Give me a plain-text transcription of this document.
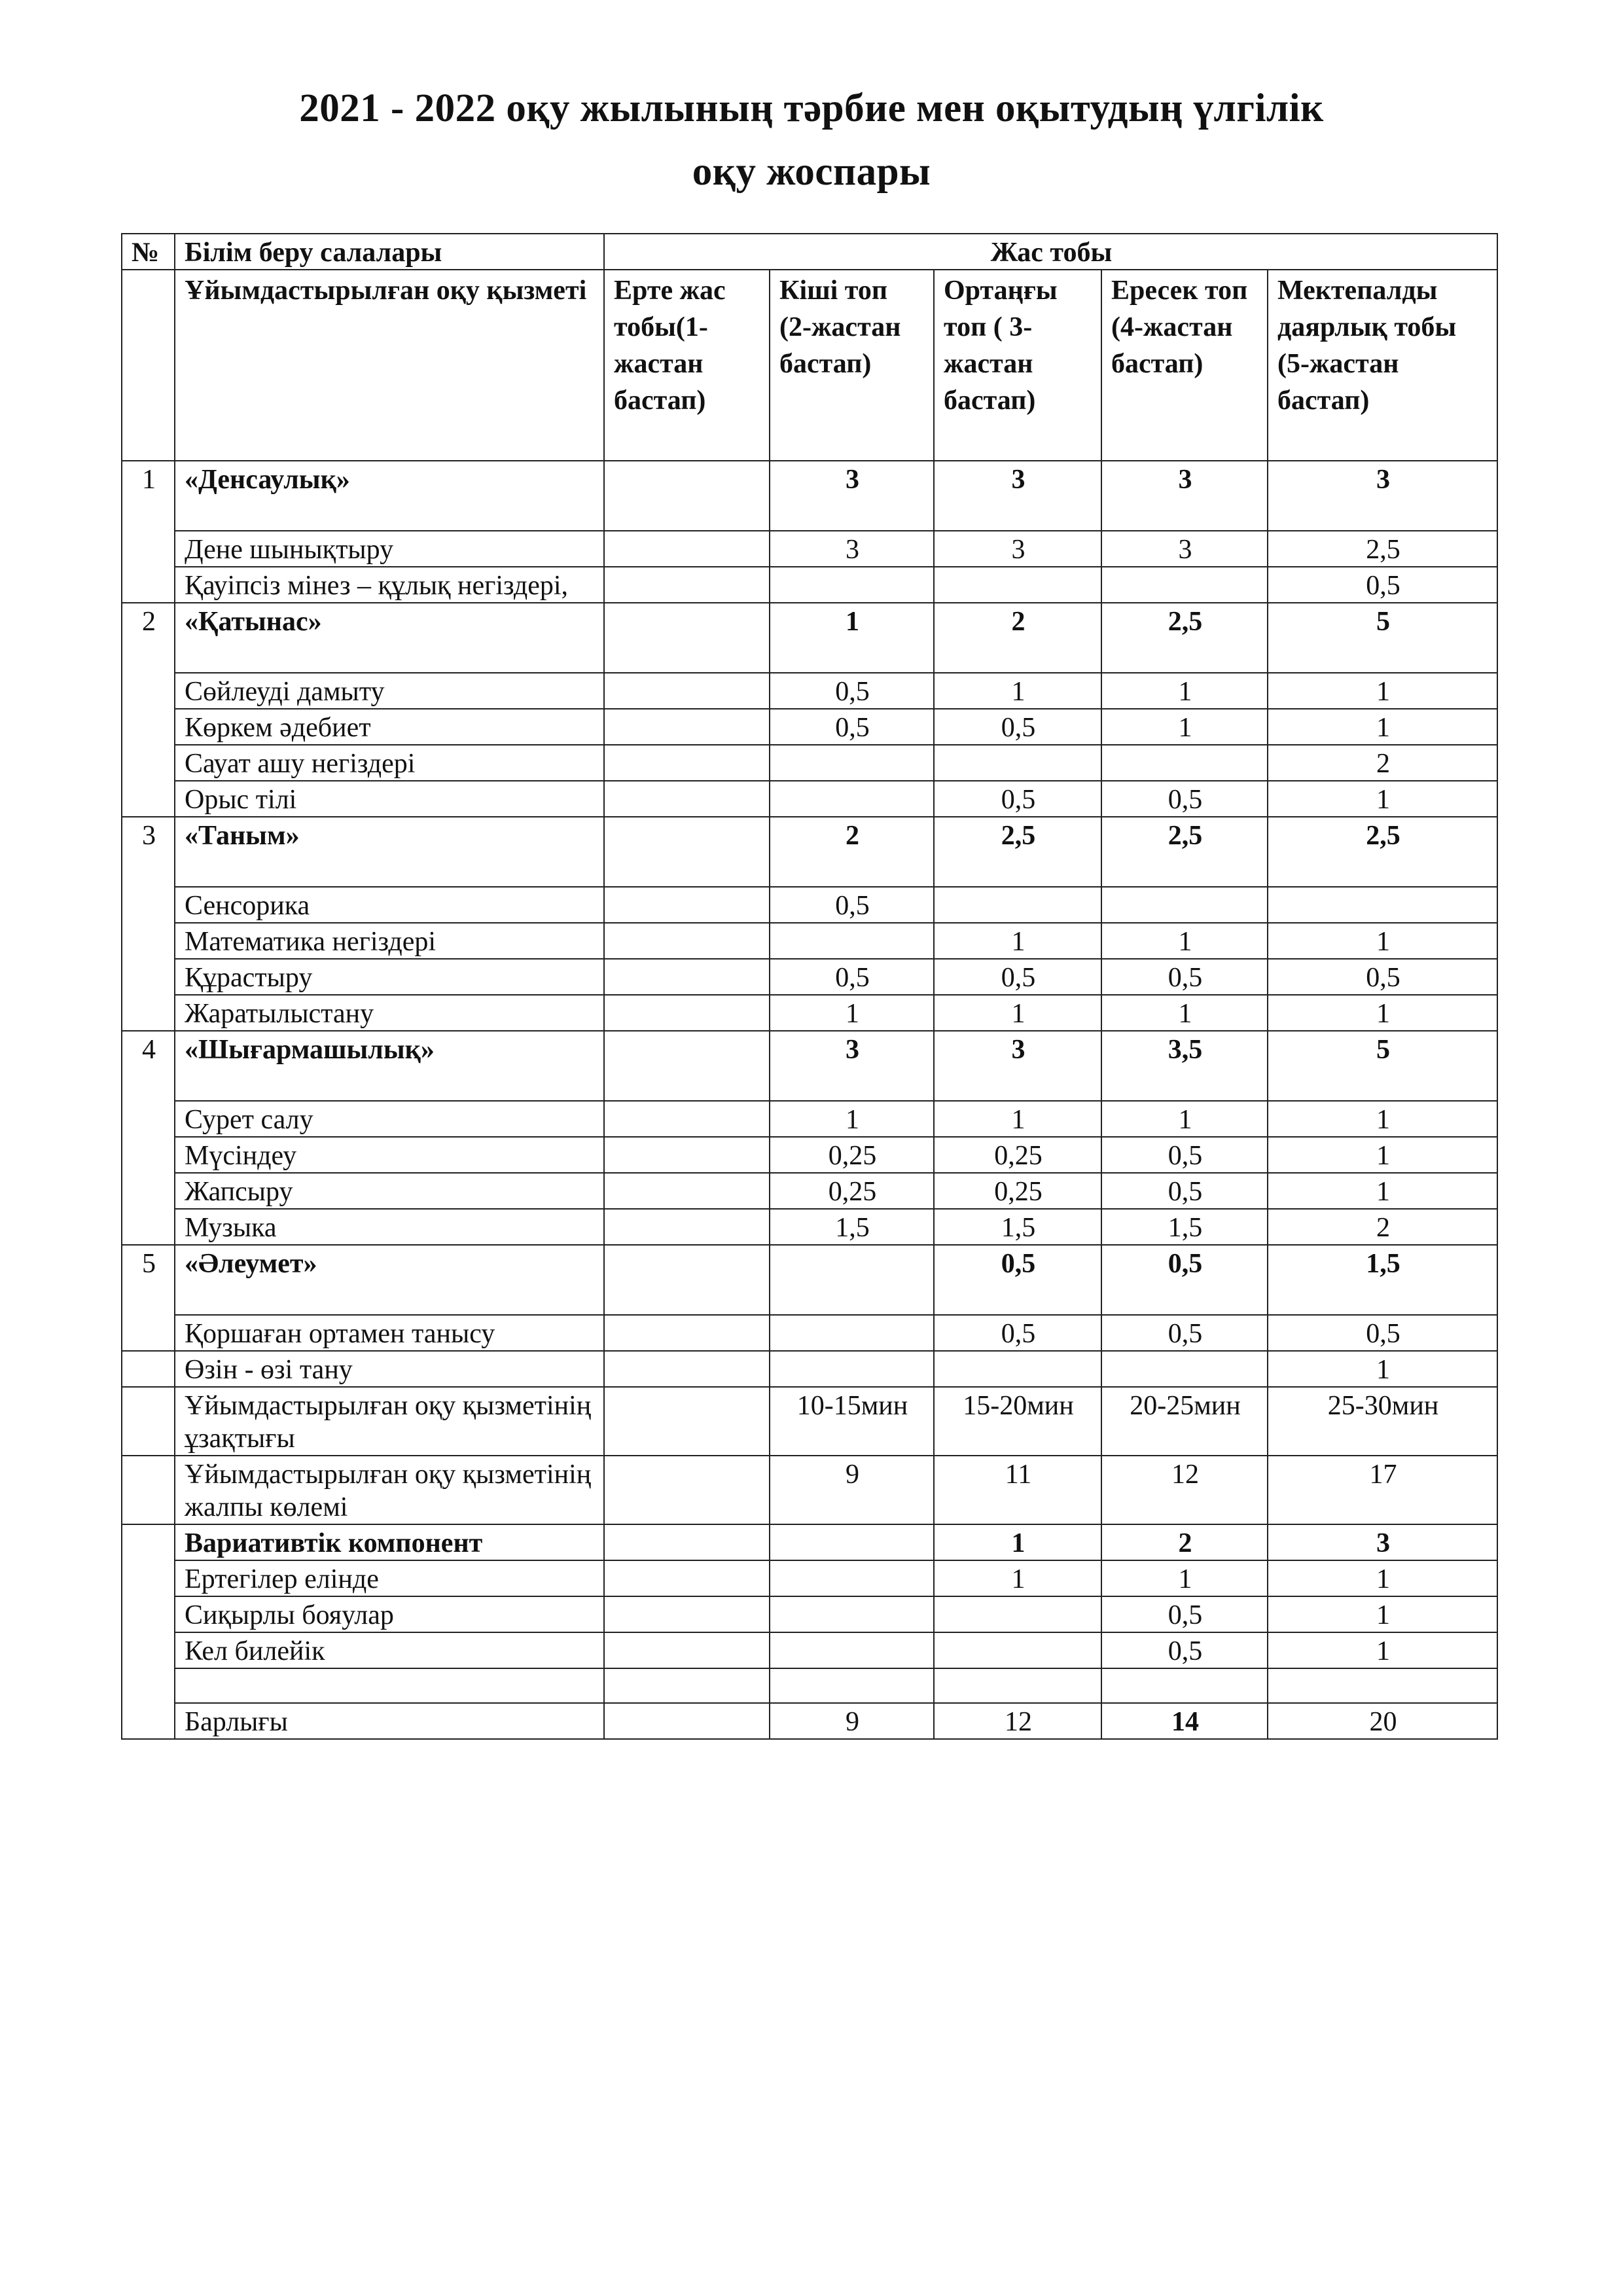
2021 - 2022 оқу жылының тәрбие мен оқытудың үлгілік
оқу жоспары
№	Білім беру салалары	Жас тобы				
	Ұйымдастырылған оқу қызметі	Ерте жас тобы(1-жастан бастап)	Кіші топ (2-жастан бастап)	Ортаңғы топ ( 3-жастан бастап)	Ересек топ (4-жастан бастап)	Мектепалды даярлық тобы (5-жастан бастап)
1	«Денсаулық»		3	3	3	3
	Дене шынықтыру		3	3	3	2,5
	Қауіпсіз мінез – құлық негіздері,					0,5
2	«Қатынас»		1	2	2,5	5
	Сөйлеуді дамыту		0,5	1	1	1
	Көркем әдебиет		0,5	0,5	1	1
	Сауат ашу негіздері					2
	Орыс тілі			0,5	0,5	1
3	«Таным»		2	2,5	2,5	2,5
	Сенсорика		0,5			
	Математика негіздері			1	1	1
	Құрастыру		0,5	0,5	0,5	0,5
	Жаратылыстану		1	1	1	1
4	«Шығармашылық»		3	3	3,5	5
	Сурет салу		1	1	1	1
	Мүсіндеу		0,25	0,25	0,5	1
	Жапсыру		0,25	0,25	0,5	1
	Музыка		1,5	1,5	1,5	2
5	«Әлеумет»			0,5	0,5	1,5
	Қоршаған ортамен танысу			0,5	0,5	0,5
	Өзін - өзі тану					1
	Ұйымдастырылған оқу қызметінің ұзақтығы		10-15мин	15-20мин	20-25мин	25-30мин
	Ұйымдастырылған оқу қызметінің жалпы көлемі		9	11	12	17
	Вариативтік компонент			1	2	3
	Ертегілер елінде			1	1	1
	Сиқырлы бояулар				0,5	1
	Кел билейік				0,5	1

	Барлығы		9	12	14	20
